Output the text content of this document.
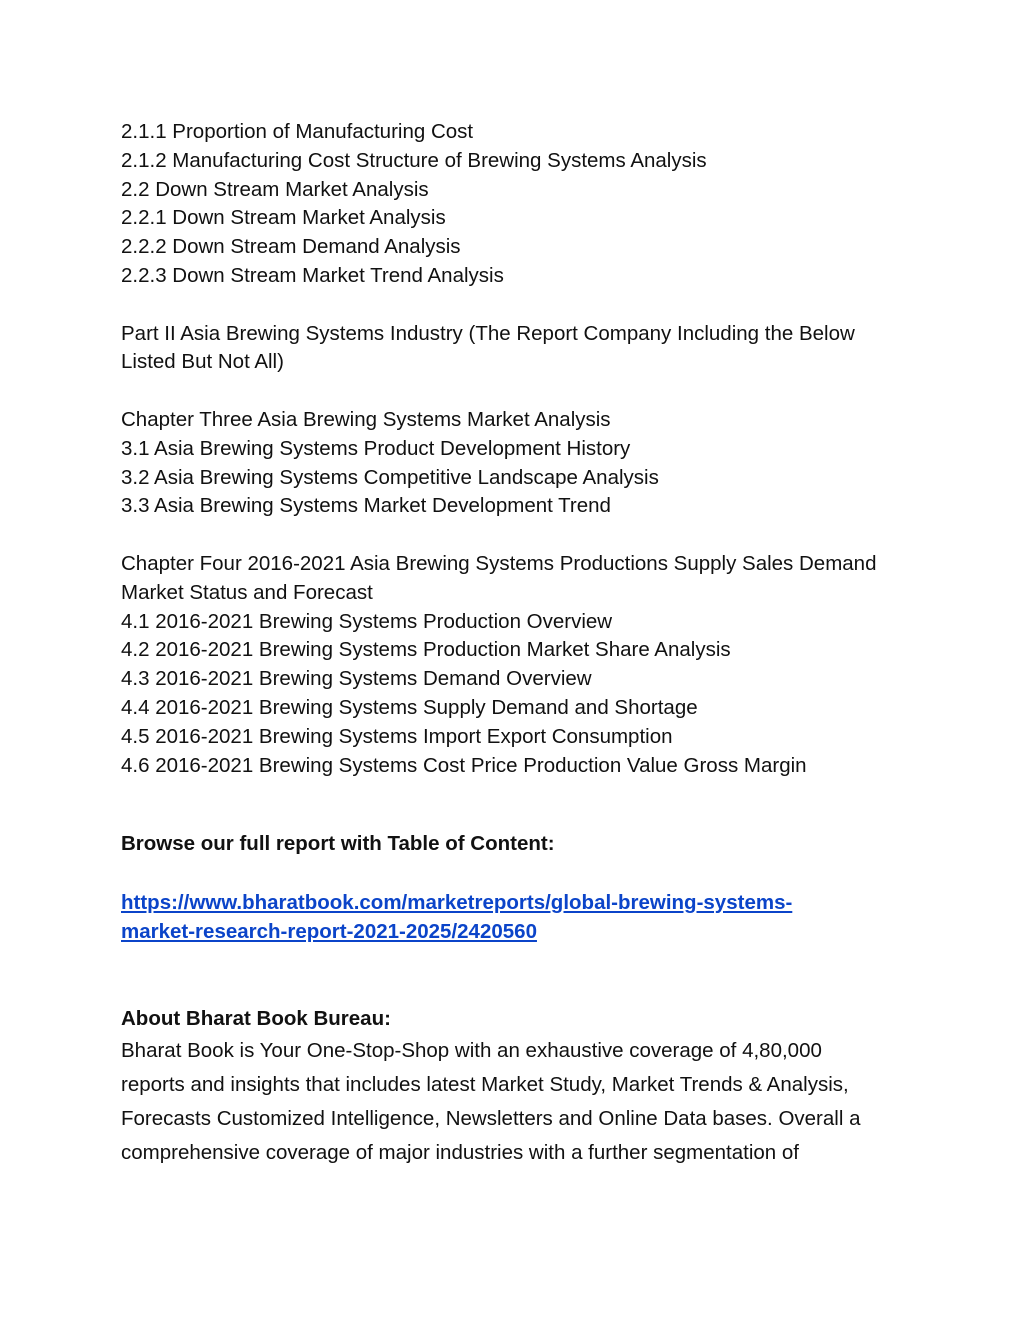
2.1.1 Proportion of Manufacturing Cost

2.1.2 Manufacturing Cost Structure of Brewing Systems Analysis

2.2 Down Stream Market Analysis

2.2.1 Down Stream Market Analysis

2.2.2 Down Stream Demand Analysis

2.2.3 Down Stream Market Trend Analysis

Part II Asia Brewing Systems Industry (The Report Company Including the Below Listed But Not All)

Chapter Three Asia Brewing Systems Market Analysis

3.1 Asia Brewing Systems Product Development History

3.2 Asia Brewing Systems Competitive Landscape Analysis

3.3 Asia Brewing Systems Market Development Trend

Chapter Four 2016-2021 Asia Brewing Systems Productions Supply Sales Demand Market Status and Forecast

4.1 2016-2021 Brewing Systems Production Overview

4.2 2016-2021 Brewing Systems Production Market Share Analysis

4.3 2016-2021 Brewing Systems Demand Overview

4.4 2016-2021 Brewing Systems Supply Demand and Shortage

4.5 2016-2021 Brewing Systems Import Export Consumption

4.6 2016-2021 Brewing Systems Cost Price Production Value Gross Margin

Browse our full report with Table of Content:

https://www.bharatbook.com/marketreports/global-brewing-systems-
market-research-report-2021-2025/2420560

About Bharat Book Bureau:

Bharat Book is Your One-Stop-Shop with an exhaustive coverage of 4,80,000

reports and insights that includes latest Market Study, Market Trends & Analysis,

Forecasts Customized Intelligence, Newsletters and Online Data bases. Overall a

comprehensive coverage of major industries with a further segmentation of
